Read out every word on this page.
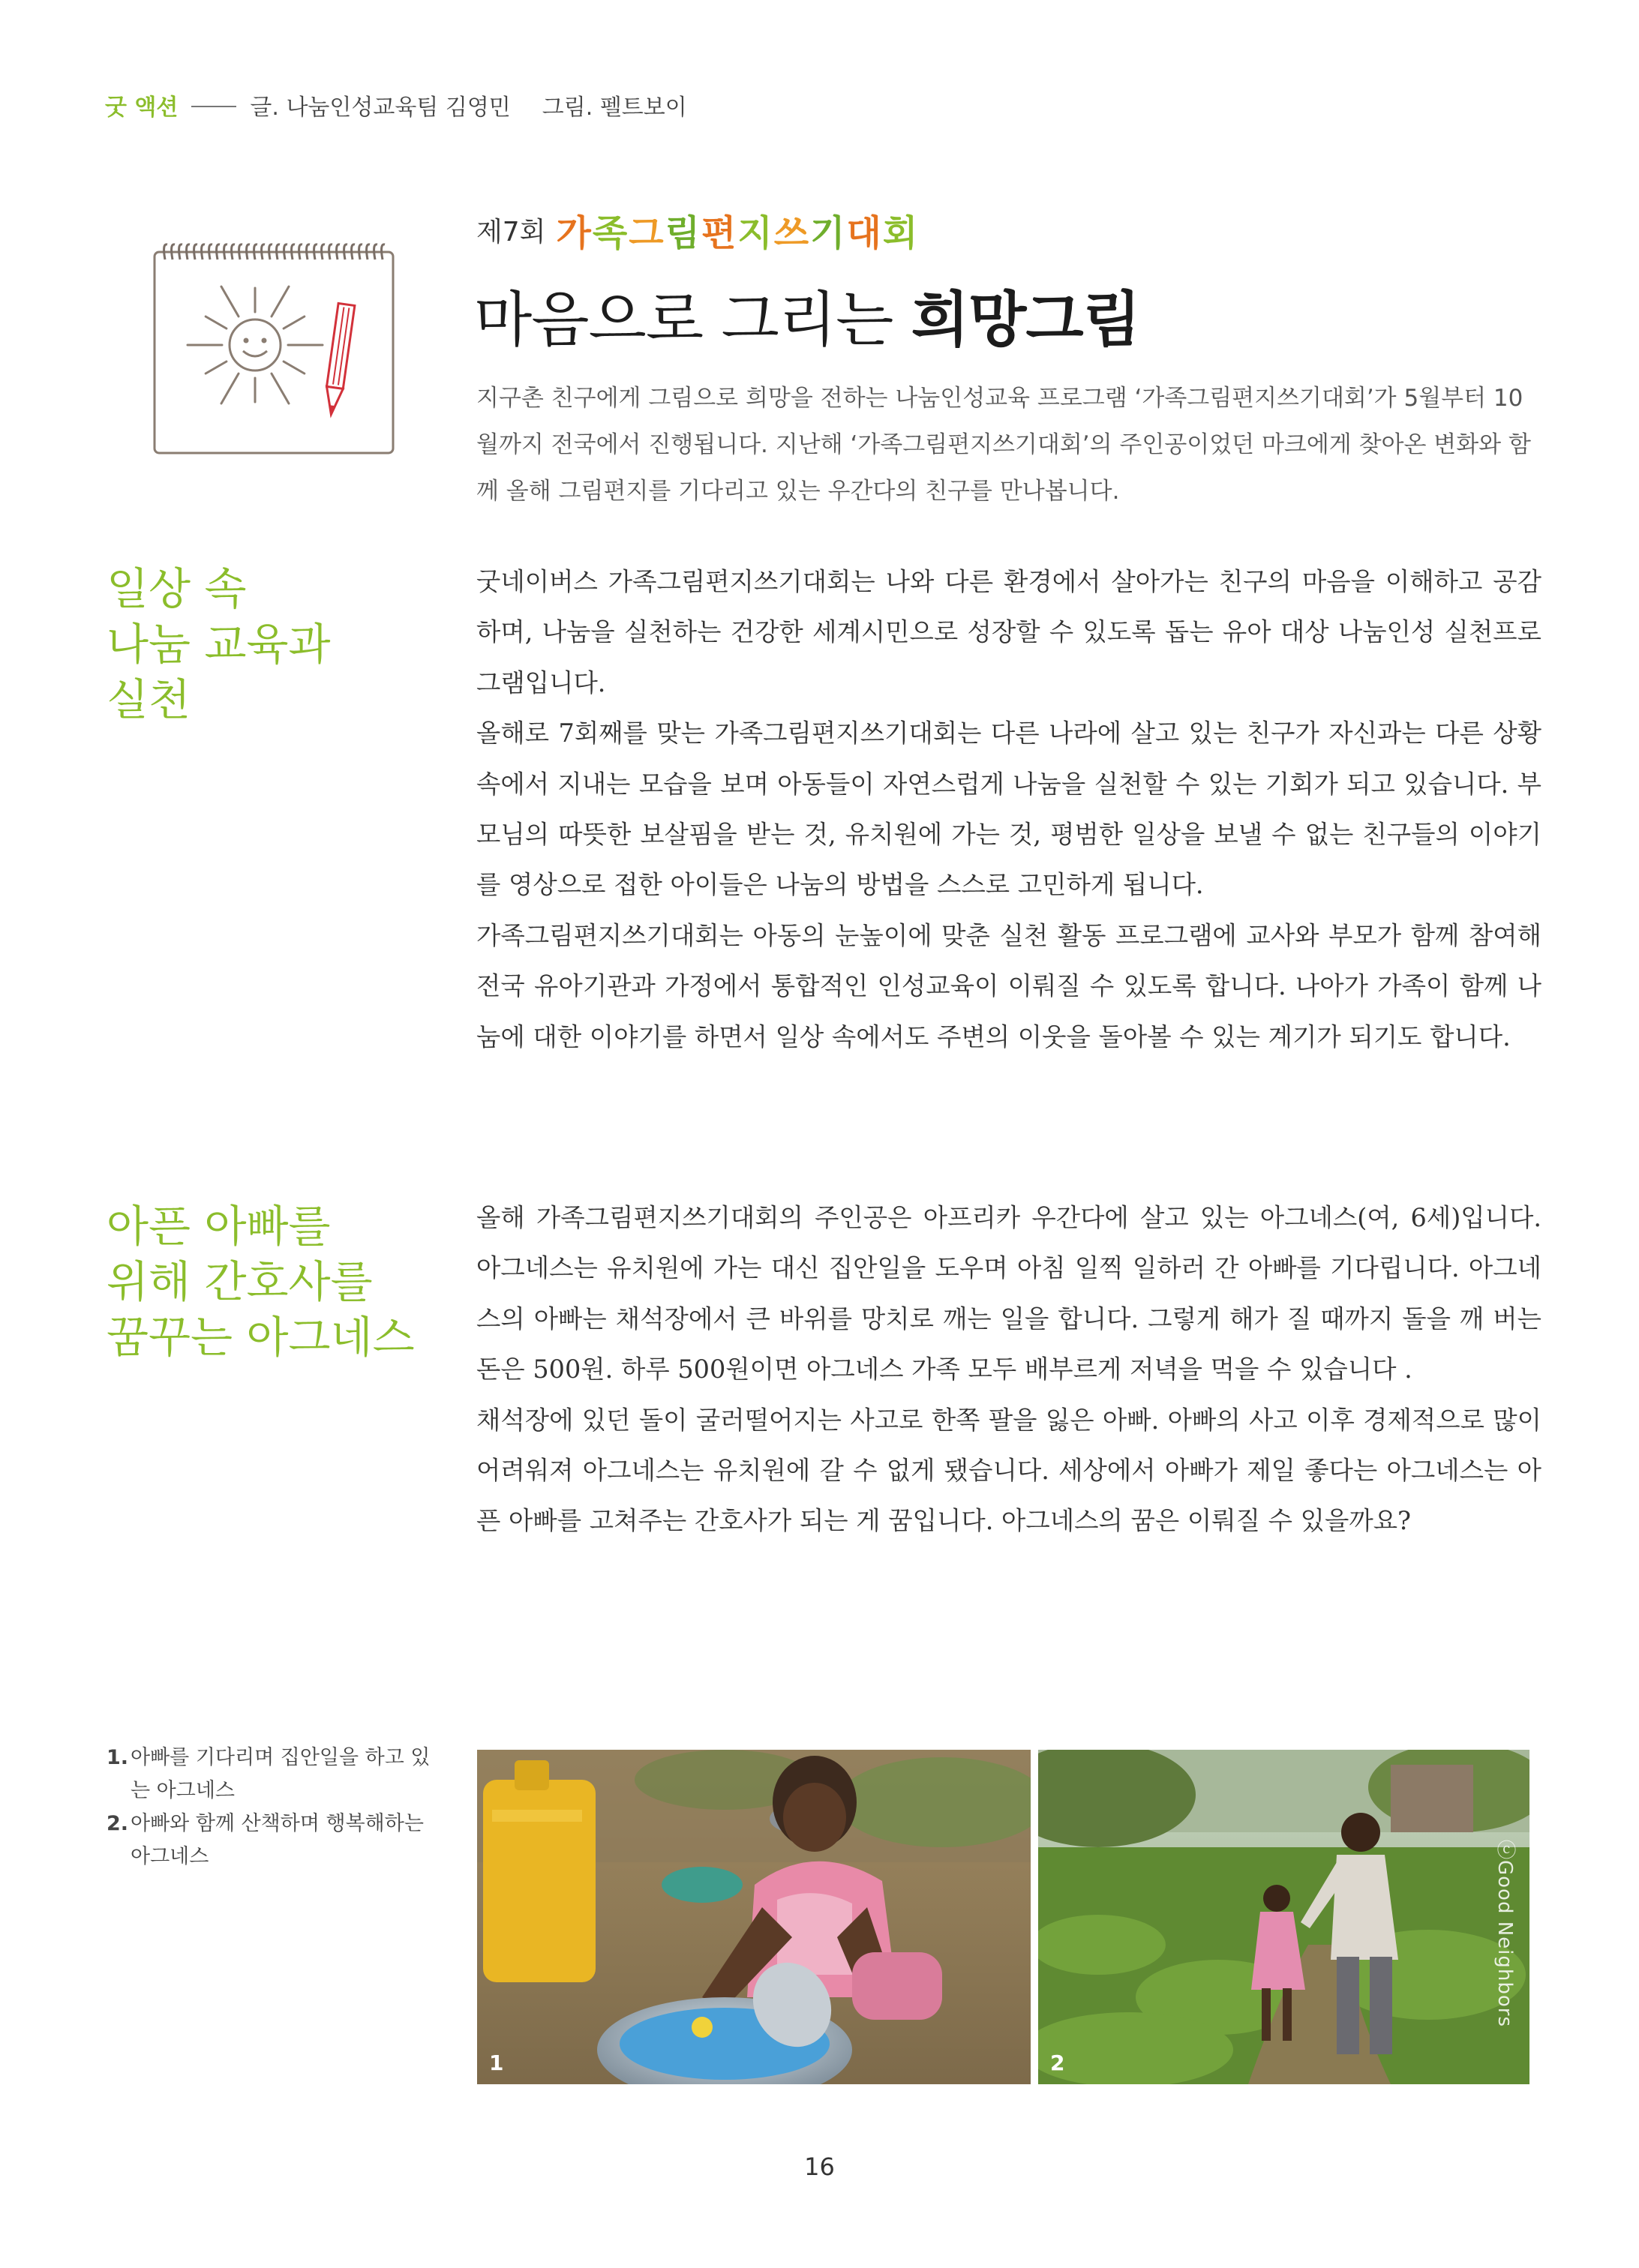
굿 액션	글. 나눔인성교육팀 김영민 그림. 펠트보이
제7회 가족그림편지쓰기대회
마음으로 그리는 희망그림
지구촌 친구에게 그림으로 희망을 전하는 나눔인성교육 프로그램 ‘가족그림편지쓰기대회’가 5월부터 10월까지 전국에서 진행됩니다. 지난해 ‘가족그림편지쓰기대회’의 주인공이었던 마크에게 찾아온 변화와 함께 올해 그림편지를 기다리고 있는 우간다의 친구를 만나봅니다.
일상 속
나눔 교육과
실천

굿네이버스 가족그림편지쓰기대회는 나와 다른 환경에서 살아가는 친구의 마음을 이해하고 공감하며, 나눔을 실천하는 건강한 세계시민으로 성장할 수 있도록 돕는 유아 대상 나눔인성 실천프로그램입니다.

올해로 7회째를 맞는 가족그림편지쓰기대회는 다른 나라에 살고 있는 친구가 자신과는 다른 상황 속에서 지내는 모습을 보며 아동들이 자연스럽게 나눔을 실천할 수 있는 기회가 되고 있습니다. 부모님의 따뜻한 보살핌을 받는 것, 유치원에 가는 것, 평범한 일상을 보낼 수 없는 친구들의 이야기를 영상으로 접한 아이들은 나눔의 방법을 스스로 고민하게 됩니다.

가족그림편지쓰기대회는 아동의 눈높이에 맞춘 실천 활동 프로그램에 교사와 부모가 함께 참여해 전국 유아기관과 가정에서 통합적인 인성교육이 이뤄질 수 있도록 합니다. 나아가 가족이 함께 나눔에 대한 이야기를 하면서 일상 속에서도 주변의 이웃을 돌아볼 수 있는 계기가 되기도 합니다.

아픈 아빠를
위해 간호사를
꿈꾸는 아그네스

올해 가족그림편지쓰기대회의 주인공은 아프리카 우간다에 살고 있는 아그네스(여, 6세)입니다. 아그네스는 유치원에 가는 대신 집안일을 도우며 아침 일찍 일하러 간 아빠를 기다립니다. 아그네스의 아빠는 채석장에서 큰 바위를 망치로 깨는 일을 합니다. 그렇게 해가 질 때까지 돌을 깨 버는 돈은 500원. 하루 500원이면 아그네스 가족 모두 배부르게 저녁을 먹을 수 있습니다 .

채석장에 있던 돌이 굴러떨어지는 사고로 한쪽 팔을 잃은 아빠. 아빠의 사고 이후 경제적으로 많이 어려워져 아그네스는 유치원에 갈 수 없게 됐습니다. 세상에서 아빠가 제일 좋다는 아그네스는 아픈 아빠를 고쳐주는 간호사가 되는 게 꿈입니다. 아그네스의 꿈은 이뤄질 수 있을까요?

1. 아빠를 기다리며 집안일을 하고 있는 아그네스
2. 아빠와 함께 산책하며 행복해하는 아그네스
1	2
ⓒGood Neighbors
16
